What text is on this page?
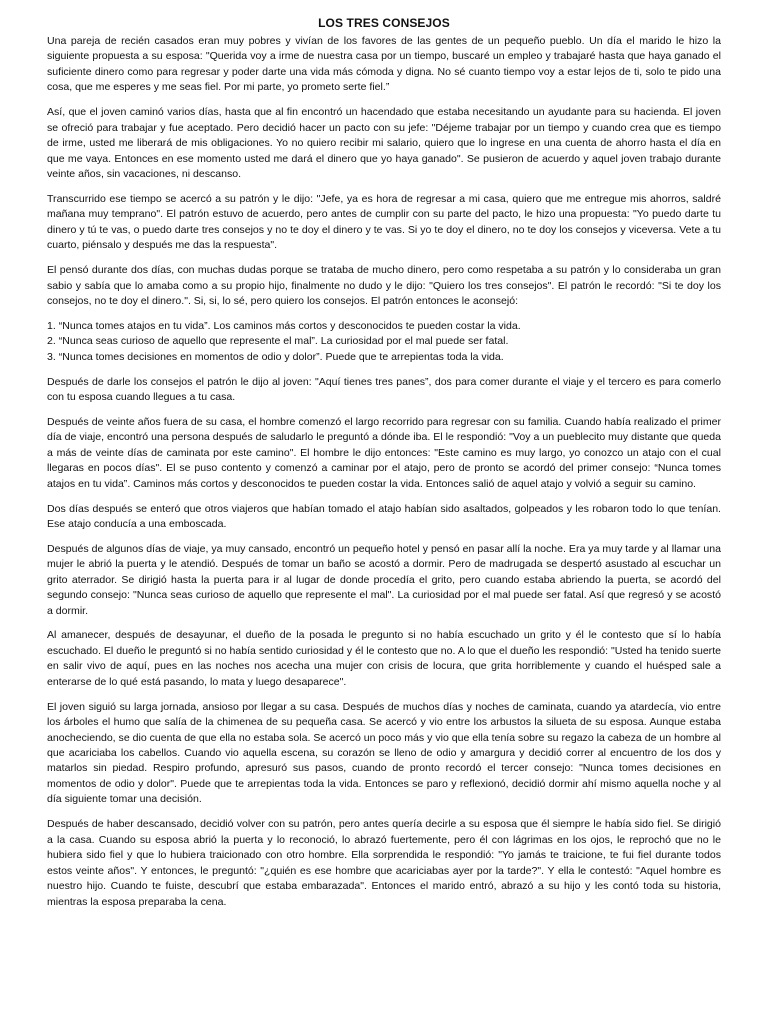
LOS TRES CONSEJOS

Una pareja de recién casados eran muy pobres y vivían de los favores de las gentes de un pequeño pueblo. Un día el marido le hizo la siguiente propuesta a su esposa: "Querida voy a irme de nuestra casa por un tiempo, buscaré un empleo y trabajaré hasta que haya ganado el suficiente dinero como para regresar y poder darte una vida más cómoda y digna. No sé cuanto tiempo voy a estar lejos de ti, solo te pido una cosa, que me esperes y me seas fiel. Por mi parte, yo prometo serte fiel.”

Así, que el joven caminó varios días, hasta que al fin encontró un hacendado que estaba necesitando un ayudante para su hacienda. El joven se ofreció para trabajar y fue aceptado. Pero decidió hacer un pacto con su jefe: "Déjeme trabajar por un tiempo y cuando crea que es tiempo de irme, usted me liberará de mis obligaciones. Yo no quiero recibir mi salario, quiero que lo ingrese en una cuenta de ahorro hasta el día en que me vaya. Entonces en ese momento usted me dará el dinero que yo haya ganado". Se pusieron de acuerdo y aquel joven trabajo durante veinte años, sin vacaciones, ni descanso.

Transcurrido ese tiempo se acercó a su patrón y le dijo: "Jefe, ya es hora de regresar a mi casa, quiero que me entregue mis ahorros, saldré mañana muy temprano". El patrón estuvo de acuerdo, pero antes de cumplir con su parte del pacto, le hizo una propuesta: "Yo puedo darte tu dinero y tú te vas, o puedo darte tres consejos y no te doy el dinero y te vas. Si yo te doy el dinero, no te doy los consejos y viceversa. Vete a tu cuarto, piénsalo y después me das la respuesta".

El pensó durante dos días, con muchas dudas porque se trataba de mucho dinero, pero como respetaba a su patrón y lo consideraba un gran sabio y sabía que lo amaba como a su propio hijo, finalmente no dudo y le dijo: "Quiero los tres consejos". El patrón le recordó: "Si te doy los consejos, no te doy el dinero.". Si, si, lo sé, pero quiero los consejos. El patrón entonces le aconsejó:

1. “Nunca tomes atajos en tu vida”. Los caminos más cortos y desconocidos te pueden costar la vida.
2. “Nunca seas curioso de aquello que represente el mal”. La curiosidad por el mal puede ser fatal.
3. “Nunca tomes decisiones en momentos de odio y dolor”. Puede que te arrepientas toda la vida.

Después de darle los consejos el patrón le dijo al joven: "Aquí tienes tres panes”, dos para comer durante el viaje y el tercero es para comerlo con tu esposa cuando llegues a tu casa.

Después de veinte años fuera de su casa, el hombre comenzó el largo recorrido para regresar con su familia. Cuando había realizado el primer día de viaje, encontró una persona después de saludarlo le preguntó a dónde iba. El le respondió: "Voy a un pueblecito muy distante que queda a más de veinte días de caminata por este camino". El hombre le dijo entonces: "Este camino es muy largo, yo conozco un atajo con el cual llegaras en pocos días". El se puso contento y comenzó a caminar por el atajo, pero de pronto se acordó del primer consejo: “Nunca tomes atajos en tu vida”. Caminos más cortos y desconocidos te pueden costar la vida. Entonces salió de aquel atajo y volvió a seguir su camino.

Dos días después se enteró que otros viajeros que habían tomado el atajo habían sido asaltados, golpeados y les robaron todo lo que tenían. Ese atajo conducía a una emboscada.

Después de algunos días de viaje, ya muy cansado, encontró un pequeño hotel y pensó en pasar allí la noche. Era ya muy tarde y al llamar una mujer le abrió la puerta y le atendió. Después de tomar un baño se acostó a dormir. Pero de madrugada se despertó asustado al escuchar un grito aterrador. Se dirigió hasta la puerta para ir al lugar de donde procedía el grito, pero cuando estaba abriendo la puerta, se acordó del segundo consejo: "Nunca seas curioso de aquello que represente el mal". La curiosidad por el mal puede ser fatal. Así que regresó y se acostó a dormir.

Al amanecer, después de desayunar, el dueño de la posada le pregunto si no había escuchado un grito y él le contesto que sí lo había escuchado. El dueño le preguntó si no había sentido curiosidad y él le contesto que no. A lo que el dueño les respondió: "Usted ha tenido suerte en salir vivo de aquí, pues en las noches nos acecha una mujer con crisis de locura, que grita horriblemente y cuando el huésped sale a enterarse de lo qué está pasando, lo mata y luego desaparece".

El joven siguió su larga jornada, ansioso por llegar a su casa. Después de muchos días y noches de caminata, cuando ya atardecía, vio entre los árboles el humo que salía de la chimenea de su pequeña casa. Se acercó y vio entre los arbustos la silueta de su esposa. Aunque estaba anocheciendo, se dio cuenta de que ella no estaba sola. Se acercó un poco más y vio que ella tenía sobre su regazo la cabeza de un hombre al que acariciaba los cabellos. Cuando vio aquella escena, su corazón se lleno de odio y amargura y decidió correr al encuentro de los dos y matarlos sin piedad. Respiro profundo, apresuró sus pasos, cuando de pronto recordó el tercer consejo: "Nunca tomes decisiones en momentos de odio y dolor". Puede que te arrepientas toda la vida. Entonces se paro y reflexionó, decidió dormir ahí mismo aquella noche y al día siguiente tomar una decisión.

Después de haber descansado, decidió volver con su patrón, pero antes quería decirle a su esposa que él siempre le había sido fiel. Se dirigió a la casa. Cuando su esposa abrió la puerta y lo reconoció, lo abrazó fuertemente, pero él con lágrimas en los ojos, le reprochó que no le hubiera sido fiel y que lo hubiera traicionado con otro hombre. Ella sorprendida le respondió: "Yo jamás te traicione, te fui fiel durante todos estos veinte años". Y entonces, le preguntó: "¿quién es ese hombre que acariciabas ayer por la tarde?". Y ella le contestó: "Aquel hombre es nuestro hijo. Cuando te fuiste, descubrí que estaba embarazada". Entonces el marido entró, abrazó a su hijo y les contó toda su historia, mientras la esposa preparaba la cena.
